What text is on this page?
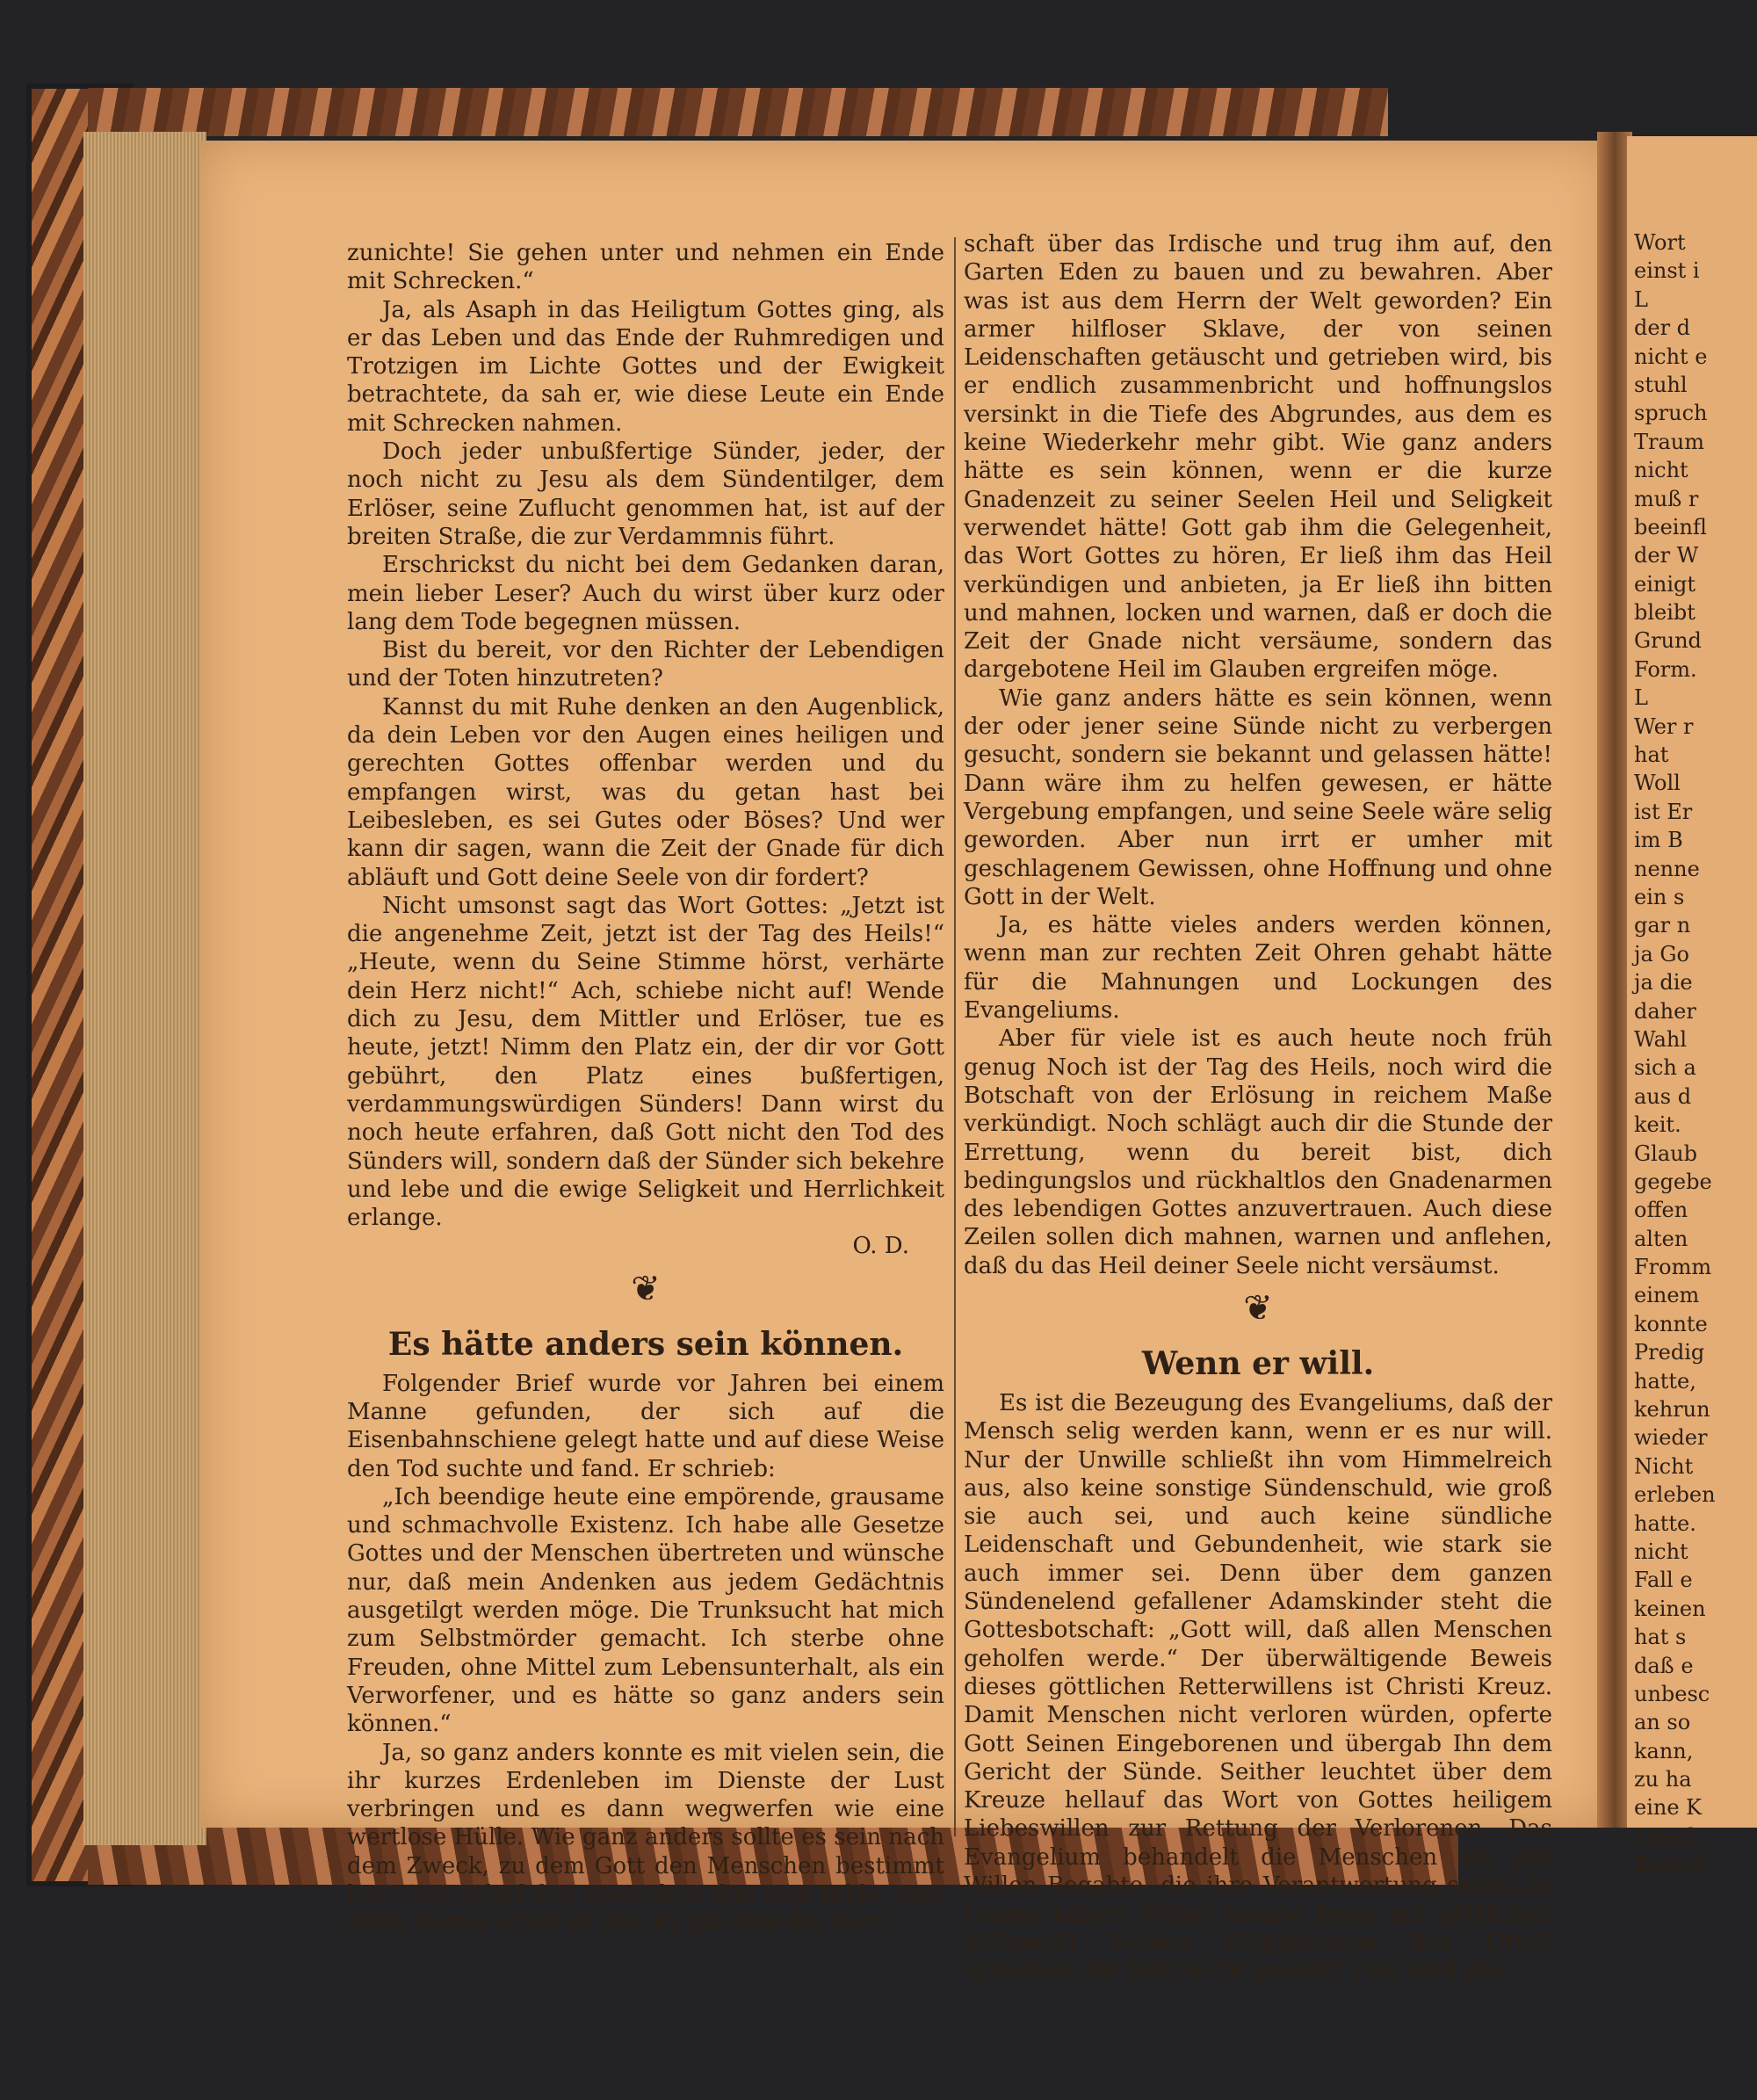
Wort
einst i
L
der d
nicht e
stuhl
spruch
Traum
nicht
muß r
beeinfl
der W
einigt
bleibt
Grund
Form.
L
Wer r
hat
Woll
ist Er
im B
nenne
ein s
gar n
ja Go
ja die
daher
Wahl
sich a
aus d
keit.
Glaub
gegebe
offen
alten
Fromm
einem
konnte
Predig
hatte,
kehrun
wieder
Nicht
erleben
hatte.
nicht
Fall e
keinen
hat s
daß e
unbesc
an so
kann,
zu ha
eine K
Unsch
Entsch

zunichte! Sie gehen unter und nehmen ein Ende mit Schrecken.“

Ja, als Asaph in das Heiligtum Gottes ging, als er das Leben und das Ende der Ruhmredigen und Trotzigen im Lichte Gottes und der Ewigkeit betrachtete, da sah er, wie diese Leute ein Ende mit Schrecken nahmen.

Doch jeder unbußfertige Sünder, jeder, der noch nicht zu Jesu als dem Sündentilger, dem Erlöser, seine Zuflucht genommen hat, ist auf der breiten Straße, die zur Verdammnis führt.

Erschrickst du nicht bei dem Gedanken daran, mein lieber Leser? Auch du wirst über kurz oder lang dem Tode begegnen müssen.

Bist du bereit, vor den Richter der Lebendigen und der Toten hinzutreten?

Kannst du mit Ruhe denken an den Augenblick, da dein Leben vor den Augen eines heiligen und gerechten Gottes offenbar werden und du empfangen wirst, was du getan hast bei Leibesleben, es sei Gutes oder Böses? Und wer kann dir sagen, wann die Zeit der Gnade für dich abläuft und Gott deine Seele von dir fordert?

Nicht umsonst sagt das Wort Gottes: „Jetzt ist die angenehme Zeit, jetzt ist der Tag des Heils!“ „Heute, wenn du Seine Stimme hörst, verhärte dein Herz nicht!“ Ach, schiebe nicht auf! Wende dich zu Jesu, dem Mittler und Erlöser, tue es heute, jetzt! Nimm den Platz ein, der dir vor Gott gebührt, den Platz eines bußfertigen, verdammungswürdigen Sünders! Dann wirst du noch heute erfahren, daß Gott nicht den Tod des Sünders will, sondern daß der Sünder sich bekehre und lebe und die ewige Seligkeit und Herrlichkeit erlange.

O. D.
❦
Es hätte anders sein können.

Folgender Brief wurde vor Jahren bei einem Manne gefunden, der sich auf die Eisenbahnschiene gelegt hatte und auf diese Weise den Tod suchte und fand. Er schrieb:

„Ich beendige heute eine empörende, grausame und schmachvolle Existenz. Ich habe alle Gesetze Gottes und der Menschen übertreten und wünsche nur, daß mein Andenken aus jedem Gedächtnis ausgetilgt werden möge. Die Trunksucht hat mich zum Selbstmörder gemacht. Ich sterbe ohne Freuden, ohne Mittel zum Lebensunterhalt, als ein Verworfener, und es hätte so ganz anders sein können.“

Ja, so ganz anders konnte es mit vielen sein, die ihr kurzes Erdenleben im Dienste der Lust verbringen und es dann wegwerfen wie eine wertlose Hülle. Wie ganz anders sollte es sein nach dem Zweck, zu dem Gott den Menschen bestimmt hat! Gott schuf den Menschen Ihm zum Bilde, zum Bilde Gottes schuf Er ihn. Er gab ihm die Herr-

schaft über das Irdische und trug ihm auf, den Garten Eden zu bauen und zu bewahren. Aber was ist aus dem Herrn der Welt geworden? Ein armer hilfloser Sklave, der von seinen Leidenschaften getäuscht und getrieben wird, bis er endlich zusammenbricht und hoffnungslos versinkt in die Tiefe des Abgrundes, aus dem es keine Wiederkehr mehr gibt. Wie ganz anders hätte es sein können, wenn er die kurze Gnadenzeit zu seiner Seelen Heil und Seligkeit verwendet hätte! Gott gab ihm die Gelegenheit, das Wort Gottes zu hören, Er ließ ihm das Heil verkündigen und anbieten, ja Er ließ ihn bitten und mahnen, locken und warnen, daß er doch die Zeit der Gnade nicht versäume, sondern das dargebotene Heil im Glauben ergreifen möge.

Wie ganz anders hätte es sein können, wenn der oder jener seine Sünde nicht zu verbergen gesucht, sondern sie bekannt und gelassen hätte! Dann wäre ihm zu helfen gewesen, er hätte Vergebung empfangen, und seine Seele wäre selig geworden. Aber nun irrt er umher mit geschlagenem Gewissen, ohne Hoffnung und ohne Gott in der Welt.

Ja, es hätte vieles anders werden können, wenn man zur rechten Zeit Ohren gehabt hätte für die Mahnungen und Lockungen des Evangeliums.

Aber für viele ist es auch heute noch früh genug Noch ist der Tag des Heils, noch wird die Botschaft von der Erlösung in reichem Maße verkündigt. Noch schlägt auch dir die Stunde der Errettung, wenn du bereit bist, dich bedingungslos und rückhaltlos den Gnadenarmen des lebendigen Gottes anzuvertrauen. Auch diese Zeilen sollen dich mahnen, warnen und anflehen, daß du das Heil deiner Seele nicht versäumst.

❦
Wenn er will.

Es ist die Bezeugung des Evangeliums, daß der Mensch selig werden kann, wenn er es nur will. Nur der Unwille schließt ihn vom Himmelreich aus, also keine sonstige Sündenschuld, wie groß sie auch sei, und auch keine sündliche Leidenschaft und Gebundenheit, wie stark sie auch immer sei. Denn über dem ganzen Sündenelend gefallener Adamskinder steht die Gottesbotschaft: „Gott will, daß allen Menschen geholfen werde.“ Der überwältigende Beweis dieses göttlichen Retterwillens ist Christi Kreuz. Damit Menschen nicht verloren würden, opferte Gott Seinen Eingeborenen und übergab Ihn dem Gericht der Sünde. Seither leuchtet über dem Kreuze hellauf das Wort von Gottes heiligem Liebeswillen zur Rettung der Verlorenen. Das Evangelium behandelt die Menschen als mit Willen Begabte, die ihre Verantwortung selbst zu tragen haben. Daher konnte Jesus mit göttlicher Vollmacht Seinen Zeitgenossen das Urteil sprechen: Ihr habt nicht gewollt! Das wird das
